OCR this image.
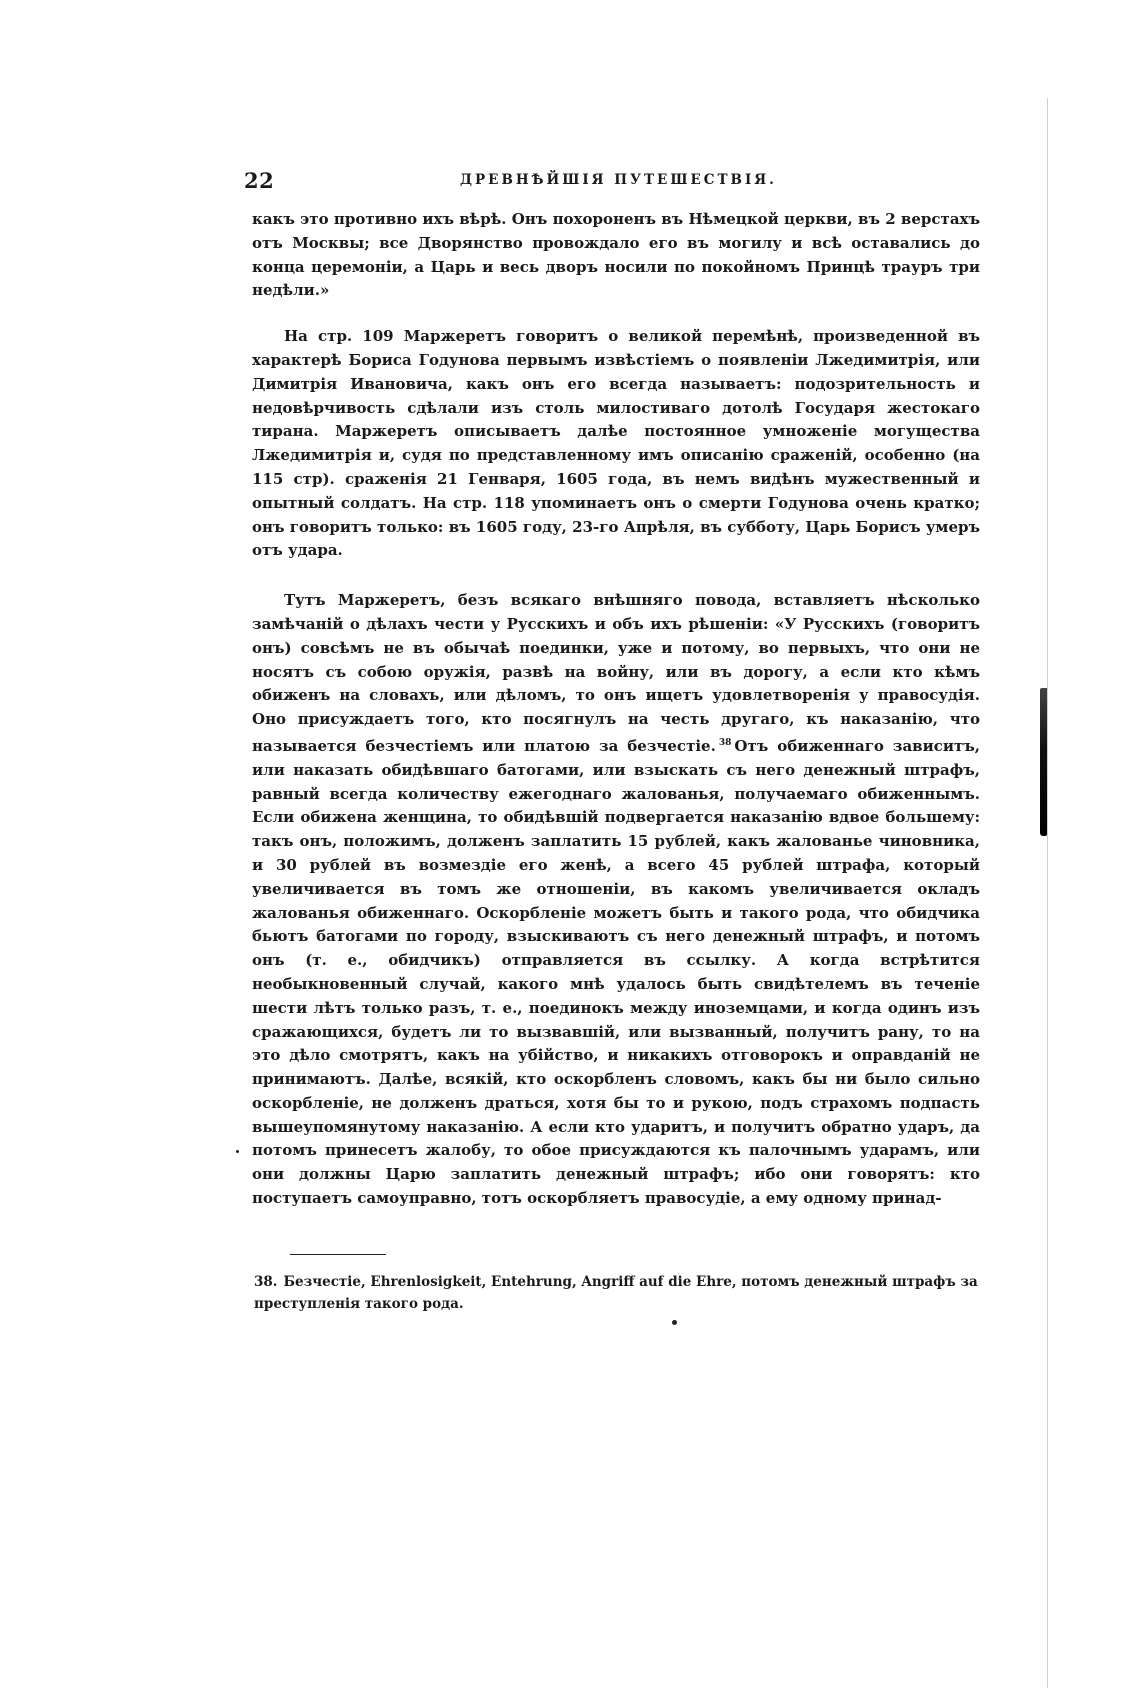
22	ДРЕВНѢЙШІЯ ПУТЕШЕСТВІЯ.

какъ это противно ихъ вѣрѣ. Онъ похороненъ въ Нѣмецкой церкви, въ 2 верстахъ отъ Москвы; все Дворянство провождало его въ могилу и всѣ оставались до конца церемоніи, а Царь и весь дворъ носили по покойномъ Принцѣ трауръ три недѣли.»

На стр. 109 Маржеретъ говоритъ о великой перемѣнѣ, произведенной въ характерѣ Бориса Годунова первымъ извѣстіемъ о появленіи Лжедимитрія, или Димитрія Ивановича, какъ онъ его всегда называетъ: подозрительность и недовѣрчивость сдѣлали изъ столь милостиваго дотолѣ Государя жестокаго тирана. Маржеретъ описываетъ далѣе постоянное умноженіе могущества Лжедимитрія и, судя по представленному имъ описанію сраженій, особенно (на 115 стр). сраженія 21 Генваря, 1605 года, въ немъ видѣнъ мужественный и опытный солдатъ. На стр. 118 упоминаетъ онъ о смерти Годунова очень кратко; онъ говоритъ только: въ 1605 году, 23-го Апрѣля, въ субботу, Царь Борисъ умеръ отъ удара.

Тутъ Маржеретъ, безъ всякаго внѣшняго повода, вставляетъ нѣсколько замѣчаній о дѣлахъ чести у Русскихъ и объ ихъ рѣшеніи: «У Русскихъ (говоритъ онъ) совсѣмъ не въ обычаѣ поединки, уже и потому, во первыхъ, что они не носятъ съ собою оружія, развѣ на войну, или въ дорогу, а если кто кѣмъ обиженъ на словахъ, или дѣломъ, то онъ ищетъ удовлетворенія у правосудія. Оно присуждаетъ того, кто посягнулъ на честь другаго, къ наказанію, что называется безчестіемъ или платою за безчестіе. $^{38}$ Отъ обиженнаго зависитъ, или наказать обидѣвшаго батогами, или взыскать съ него денежный штрафъ, равный всегда количеству ежегоднаго жалованья, получаемаго обиженнымъ. Если обижена женщина, то обидѣвшій подвергается наказанію вдвое большему: такъ онъ, положимъ, долженъ заплатить 15 рублей, какъ жалованье чиновника, и 30 рублей въ возмездіе его женѣ, а всего 45 рублей штрафа, который увеличивается въ томъ же отношеніи, въ какомъ увеличивается окладъ жалованья обиженнаго. Оскорбленіе можетъ быть и такого рода, что обидчика бьютъ батогами по городу, взыскиваютъ съ него денежный штрафъ, и потомъ онъ (т. е., обидчикъ) отправляется въ ссылку. А когда встрѣтится необыкновенный случай, какого мнѣ удалось быть свидѣтелемъ въ теченіе шести лѣтъ только разъ, т. е., поединокъ между иноземцами, и когда одинъ изъ сражающихся, будетъ ли то вызвавшій, или вызванный, получитъ рану, то на это дѣло смотрятъ, какъ на убійство, и никакихъ отговорокъ и оправданій не принимаютъ. Далѣе, всякій, кто оскорбленъ словомъ, какъ бы ни было сильно оскорбленіе, не долженъ драться, хотя бы то и рукою, подъ страхомъ подпасть вышеупомянутому наказанію. А если кто ударитъ, и получитъ обратно ударъ, да потомъ принесетъ жалобу, то обое присуждаются къ палочнымъ ударамъ, или они должны Царю заплатить денежный штрафъ; ибо они говорятъ: кто поступаетъ самоуправно, тотъ оскорбляетъ правосудіе, а ему одному принад-

38. Безчестіе, Ehrenlosigkeit, Entehrung, Angriff auf die Ehre, потомъ денежный штрафъ за преступленія такого рода.
